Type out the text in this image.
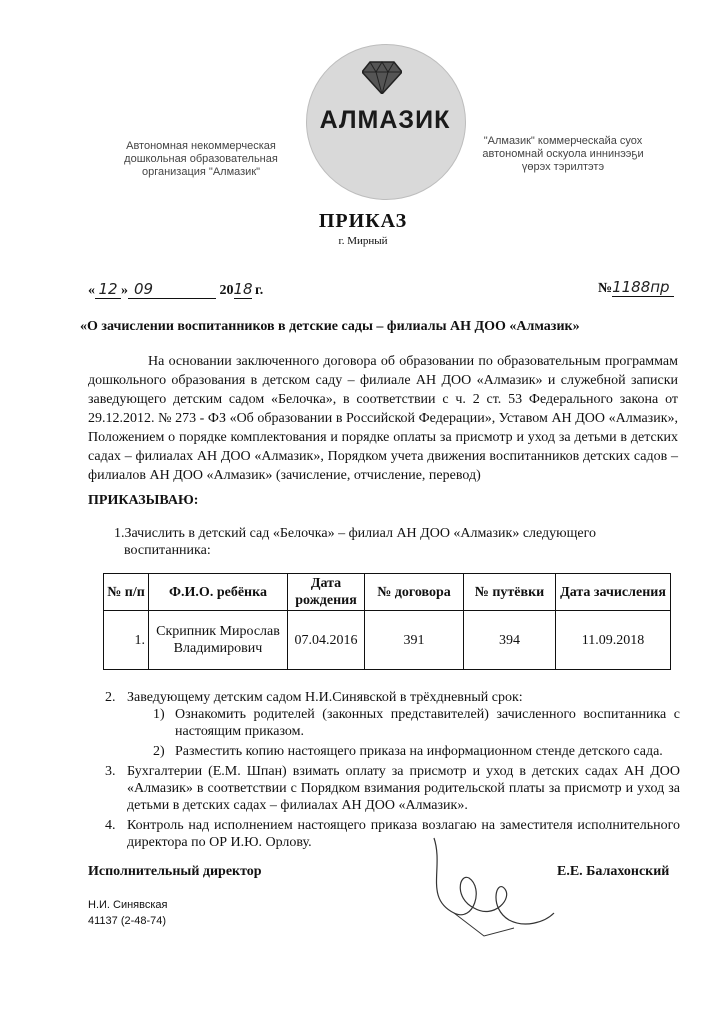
АЛМАЗИК
Автономная некоммерческая
дошкольная образовательная
организация "Алмазик"
"Алмазик" коммерческайа суох
автономнай оскуола иннинээҕи
үөрэх тэрилтэтэ
ПРИКАЗ
г. Мирный
« 12 » 09	2018 г.	№1188пр
«О зачислении воспитанников в детские сады – филиалы АН ДОО «Алмазик»
На основании заключенного договора об образовании по образовательным программам дошкольного образования в детском саду – филиале АН ДОО «Алмазик» и служебной записки заведующего детским садом «Белочка», в соответствии с ч. 2 ст. 53 Федерального закона от 29.12.2012. № 273 - ФЗ «Об образовании в Российской Федерации», Уставом АН ДОО «Алмазик», Положением о порядке комплектования и порядке оплаты за присмотр и уход за детьми в детских садах – филиалах АН ДОО «Алмазик», Порядком учета движения воспитанников детских садов – филиалов АН ДОО «Алмазик» (зачисление, отчисление, перевод)
ПРИКАЗЫВАЮ:
1.Зачислить в детский сад «Белочка» – филиал АН ДОО «Алмазик» следующего
воспитанника:
№ п/п	Ф.И.О. ребёнка	Дата рождения	№ договора	№ путёвки	Дата зачисления
1.	Скрипник Мирослав Владимирович	07.04.2016	391	394	11.09.2018
2. Заведующему детским садом Н.И.Синявской в трёхдневный срок:
1) Ознакомить родителей (законных представителей) зачисленного воспитанника с настоящим приказом.
2) Разместить копию настоящего приказа на информационном стенде детского сада.
3. Бухгалтерии (Е.М. Шпан) взимать оплату за присмотр и уход в детских садах АН ДОО «Алмазик» в соответствии с Порядком взимания родительской платы за присмотр и уход за детьми в детских садах – филиалах АН ДОО «Алмазик».
4. Контроль над исполнением настоящего приказа возлагаю на заместителя исполнительного директора по ОР И.Ю. Орлову.
Исполнительный директор	Е.Е. Балахонский
Н.И. Синявская
41137 (2-48-74)
